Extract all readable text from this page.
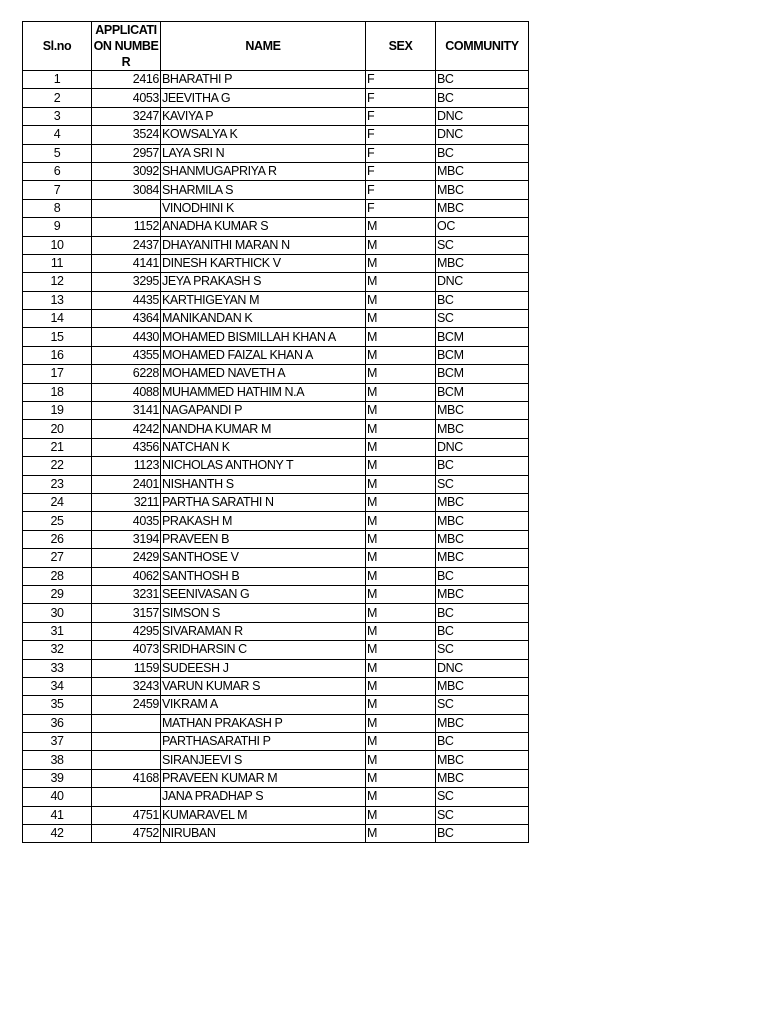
Sl.no	APPLICATI ON NUMBER	NAME	SEX	COMMUNITY
1	2416	BHARATHI P	F	BC
2	4053	JEEVITHA G	F	BC
3	3247	KAVIYA P	F	DNC
4	3524	KOWSALYA K	F	DNC
5	2957	LAYA SRI N	F	BC
6	3092	SHANMUGAPRIYA R	F	MBC
7	3084	SHARMILA S	F	MBC
8		VINODHINI K	F	MBC
9	1152	ANADHA KUMAR S	M	OC
10	2437	DHAYANITHI MARAN N	M	SC
11	4141	DINESH KARTHICK V	M	MBC
12	3295	JEYA PRAKASH S	M	DNC
13	4435	KARTHIGEYAN M	M	BC
14	4364	MANIKANDAN K	M	SC
15	4430	MOHAMED BISMILLAH KHAN A	M	BCM
16	4355	MOHAMED FAIZAL KHAN A	M	BCM
17	6228	MOHAMED NAVETH A	M	BCM
18	4088	MUHAMMED HATHIM N.A	M	BCM
19	3141	NAGAPANDI P	M	MBC
20	4242	NANDHA KUMAR M	M	MBC
21	4356	NATCHAN K	M	DNC
22	1123	NICHOLAS ANTHONY T	M	BC
23	2401	NISHANTH S	M	SC
24	3211	PARTHA SARATHI N	M	MBC
25	4035	PRAKASH M	M	MBC
26	3194	PRAVEEN B	M	MBC
27	2429	SANTHOSE V	M	MBC
28	4062	SANTHOSH B	M	BC
29	3231	SEENIVASAN G	M	MBC
30	3157	SIMSON S	M	BC
31	4295	SIVARAMAN R	M	BC
32	4073	SRIDHARSIN C	M	SC
33	1159	SUDEESH J	M	DNC
34	3243	VARUN KUMAR S	M	MBC
35	2459	VIKRAM A	M	SC
36		MATHAN PRAKASH P	M	MBC
37		PARTHASARATHI P	M	BC
38		SIRANJEEVI S	M	MBC
39	4168	PRAVEEN KUMAR M	M	MBC
40		JANA PRADHAP S	M	SC
41	4751	KUMARAVEL M	M	SC
42	4752	NIRUBAN	M	BC
